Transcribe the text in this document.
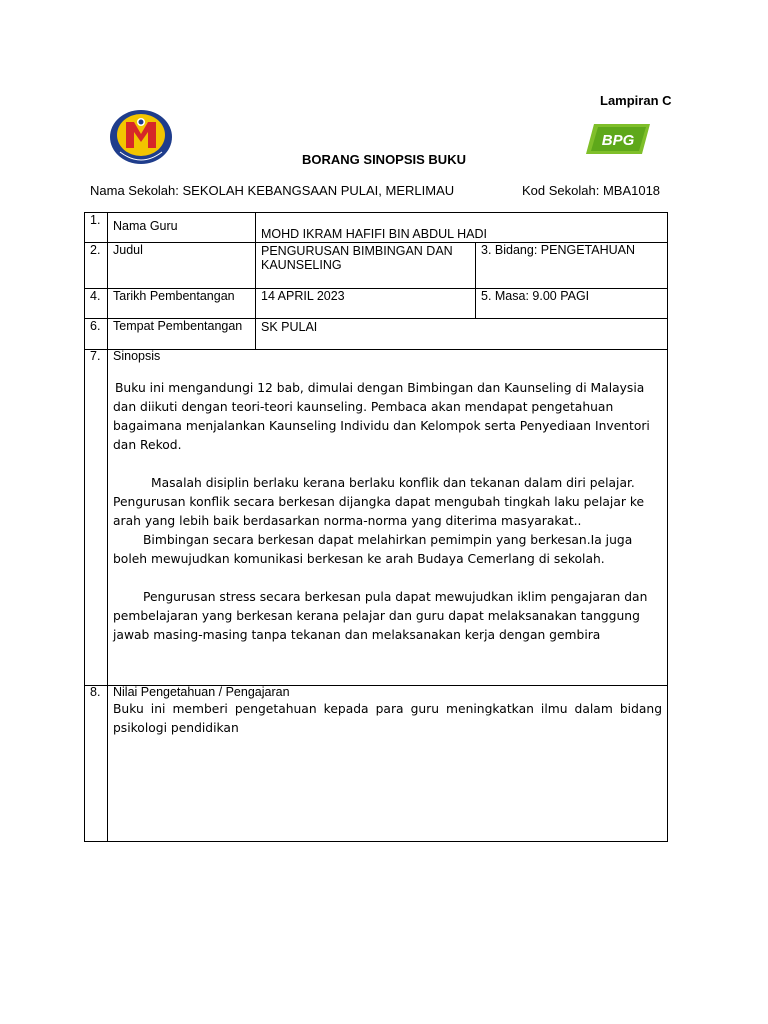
Lampiran C
BPG
BORANG SINOPSIS BUKU
Nama Sekolah: SEKOLAH KEBANGSAAN PULAI, MERLIMAU	Kod Sekolah: MBA1018
1.	Nama Guru	MOHD IKRAM HAFIFI BIN ABDUL HADI	
2.	Judul	PENGURUSAN BIMBINGAN DAN KAUNSELING	3. Bidang: PENGETAHUAN
4.	Tarikh Pembentangan	14 APRIL 2023	5. Masa: 9.00 PAGI
6.	Tempat Pembentangan	SK PULAI	
7.	Sinopsis

Buku ini mengandungi 12 bab, dimulai dengan Bimbingan dan Kaunseling di Malaysia dan diikuti dengan teori-teori kaunseling. Pembaca akan mendapat pengetahuan bagaimana menjalankan Kaunseling Individu dan Kelompok serta Penyediaan Inventori dan Rekod.

Masalah disiplin berlaku kerana berlaku konflik dan tekanan dalam diri pelajar. Pengurusan konflik secara berkesan dijangka dapat mengubah tingkah laku pelajar ke arah yang lebih baik berdasarkan norma-norma yang diterima masyarakat..

Bimbingan secara berkesan dapat melahirkan pemimpin yang berkesan.Ia juga boleh mewujudkan komunikasi berkesan ke arah Budaya Cemerlang di sekolah.

Pengurusan stress secara berkesan pula dapat mewujudkan iklim pengajaran dan pembelajaran yang berkesan kerana pelajar dan guru dapat melaksanakan tanggung jawab masing-masing tanpa tekanan dan melaksanakan kerja dengan gembira		

8.	Nilai Pengetahuan / Pengajaran

Buku ini memberi pengetahuan kepada para guru meningkatkan ilmu dalam bidang psikologi pendidikan		
